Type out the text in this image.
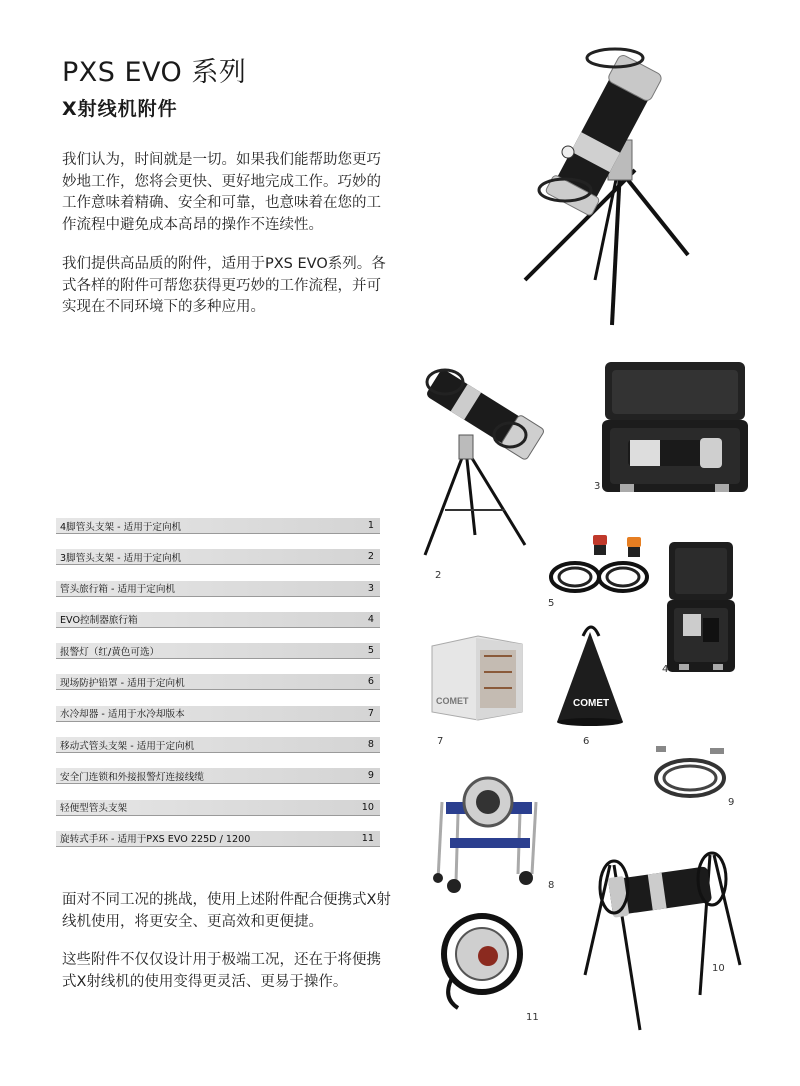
PXS EVO 系列
X射线机附件

我们认为，时间就是一切。如果我们能帮助您更巧妙地工作，您将会更快、更好地完成工作。巧妙的工作意味着精确、安全和可靠，也意味着在您的工作流程中避免成本高昂的操作不连续性。

我们提供高品质的附件，适用于PXS EVO系列。各式各样的附件可帮您获得更巧妙的工作流程，并可实现在不同环境下的多种应用。

2
3
4脚管头支架 - 适用于定向机	1
3脚管头支架 - 适用于定向机	2
管头旅行箱 - 适用于定向机	3
EVO控制器旅行箱	4
报警灯（红/黄色可选）	5
现场防护铅罩 - 适用于定向机	6
水冷却器 - 适用于水冷却版本	7
移动式管头支架 - 适用于定向机	8
安全门连锁和外接报警灯连接线缆	9
轻便型管头支架	10
旋转式手环 - 适用于PXS EVO 225D / 1200	11
5
4
COMET
7
COMET
6
9
8
10
11

面对不同工况的挑战，使用上述附件配合便携式X射线机使用，将更安全、更高效和更便捷。

这些附件不仅仅设计用于极端工况，还在于将便携式X射线机的使用变得更灵活、更易于操作。
